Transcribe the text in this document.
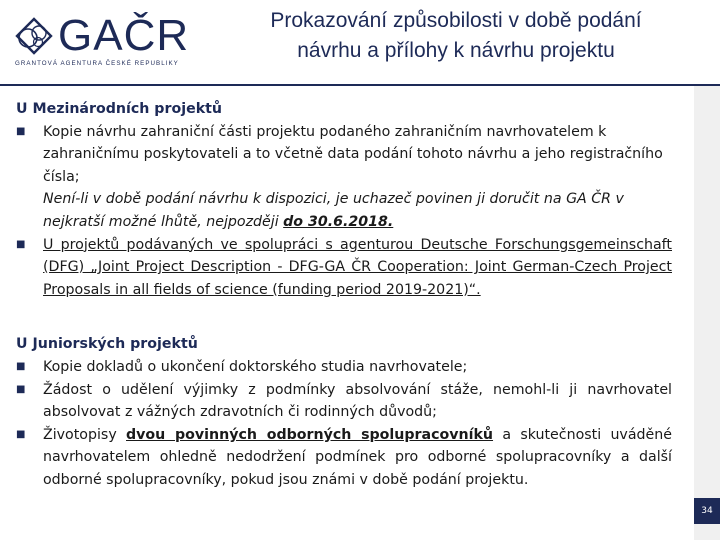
GAČR
GRANTOVÁ AGENTURA ČESKÉ REPUBLIKY
Prokazování způsobilosti v době podání
návrhu a přílohy k návrhu projektu
34
U Mezinárodních projektů
■ Kopie návrhu zahraniční části projektu podaného zahraničním navrhovatelem k zahraničnímu poskytovateli a to včetně data podání tohoto návrhu a jeho registračního čísla;
Není-li v době podání návrhu k dispozici, je uchazeč povinen ji doručit na GA ČR v nejkratší možné lhůtě, nejpozději do 30.6.2018.
■ U projektů podávaných ve spolupráci s agenturou Deutsche Forschungsgemeinschaft (DFG) „Joint Project Description - DFG-GA ČR Cooperation: Joint German-Czech Project Proposals in all fields of science (funding period 2019-2021)“.
U Juniorských projektů
■ Kopie dokladů o ukončení doktorského studia navrhovatele;
■ Žádost o udělení výjimky z podmínky absolvování stáže, nemohl-li ji navrhovatel absolvovat z vážných zdravotních či rodinných důvodů;
■ Životopisy dvou povinných odborných spolupracovníků a skutečnosti uváděné navrhovatelem ohledně nedodržení podmínek pro odborné spolupracovníky a další odborné spolupracovníky, pokud jsou známi v době podání projektu.
